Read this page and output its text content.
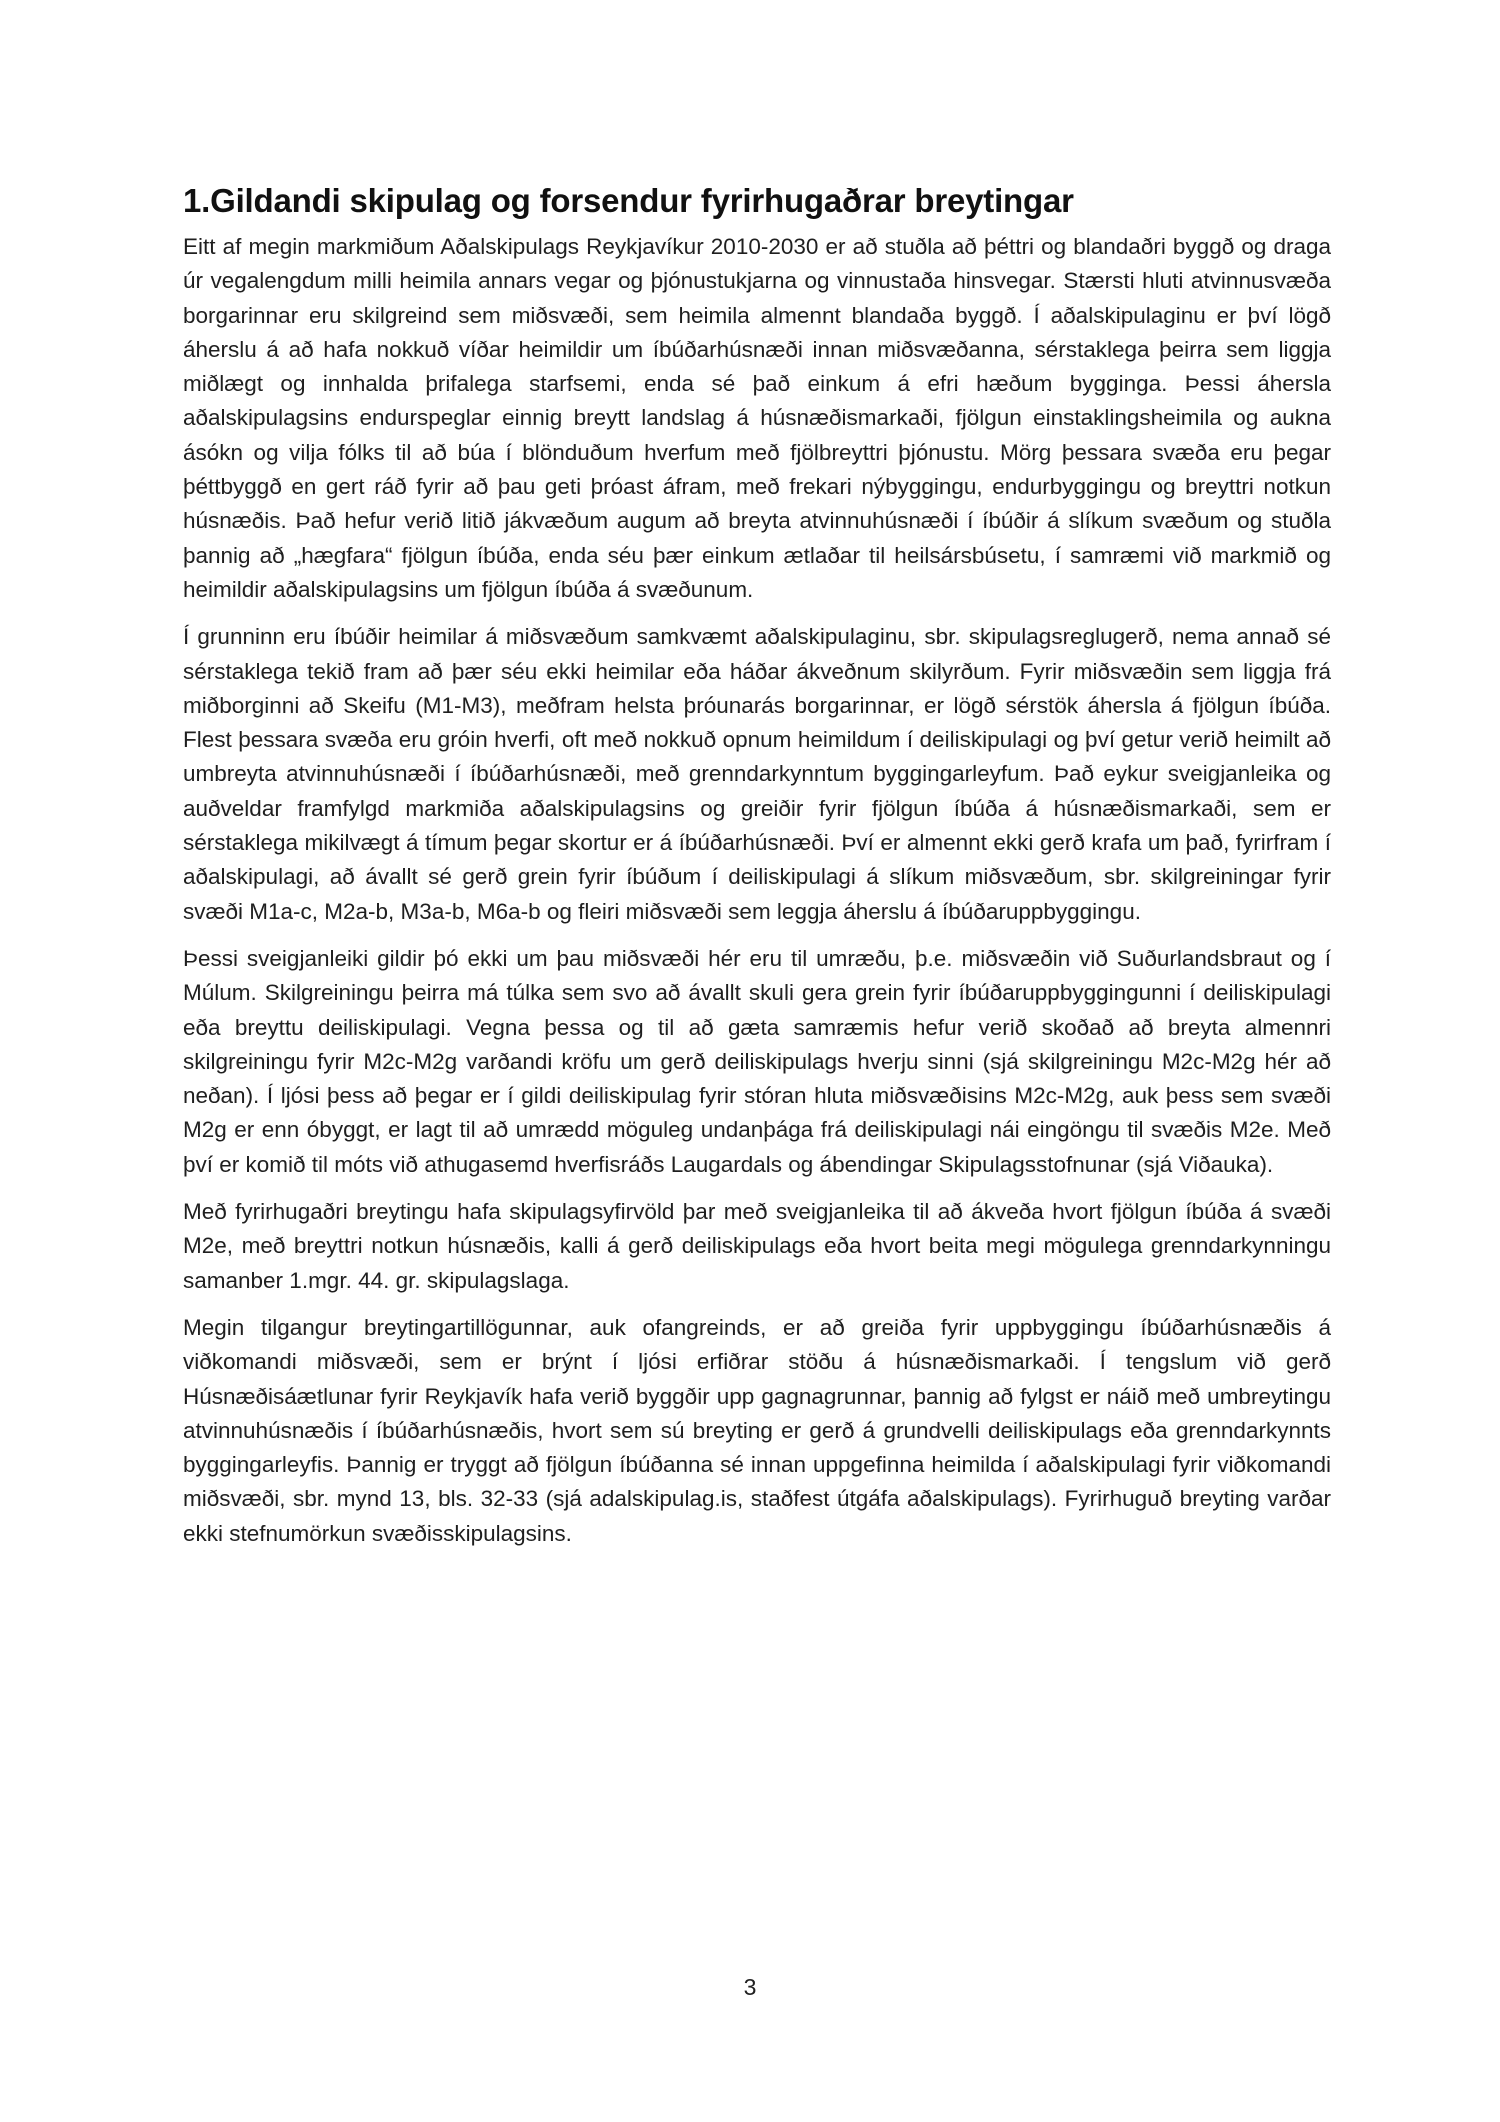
1.Gildandi skipulag og forsendur fyrirhugaðrar breytingar

Eitt af megin markmiðum Aðalskipulags Reykjavíkur 2010-2030 er að stuðla að þéttri og blandaðri byggð og draga úr vegalengdum milli heimila annars vegar og þjónustukjarna og vinnustaða hinsvegar. Stærsti hluti atvinnusvæða borgarinnar eru skilgreind sem miðsvæði, sem heimila almennt blandaða byggð. Í aðalskipulaginu er því lögð áherslu á að hafa nokkuð víðar heimildir um íbúðarhúsnæði innan miðsvæðanna, sérstaklega þeirra sem liggja miðlægt og innhalda þrifalega starfsemi, enda sé það einkum á efri hæðum bygginga. Þessi áhersla aðalskipulagsins endurspeglar einnig breytt landslag á húsnæðismarkaði, fjölgun einstaklingsheimila og aukna ásókn og vilja fólks til að búa í blönduðum hverfum með fjölbreyttri þjónustu. Mörg þessara svæða eru þegar þéttbyggð en gert ráð fyrir að þau geti þróast áfram, með frekari nýbyggingu, endurbyggingu og breyttri notkun húsnæðis. Það hefur verið litið jákvæðum augum að breyta atvinnuhúsnæði í íbúðir á slíkum svæðum og stuðla þannig að „hægfara“ fjölgun íbúða, enda séu þær einkum ætlaðar til heilsársbúsetu, í samræmi við markmið og heimildir aðalskipulagsins um fjölgun íbúða á svæðunum.

Í grunninn eru íbúðir heimilar á miðsvæðum samkvæmt aðalskipulaginu, sbr. skipulagsreglugerð, nema annað sé sérstaklega tekið fram að þær séu ekki heimilar eða háðar ákveðnum skilyrðum. Fyrir miðsvæðin sem liggja frá miðborginni að Skeifu (M1-M3), meðfram helsta þróunarás borgarinnar, er lögð sérstök áhersla á fjölgun íbúða. Flest þessara svæða eru gróin hverfi, oft með nokkuð opnum heimildum í deiliskipulagi og því getur verið heimilt að umbreyta atvinnuhúsnæði í íbúðarhúsnæði, með grenndarkynntum byggingarleyfum. Það eykur sveigjanleika og auðveldar framfylgd markmiða aðalskipulagsins og greiðir fyrir fjölgun íbúða á húsnæðismarkaði, sem er sérstaklega mikilvægt á tímum þegar skortur er á íbúðarhúsnæði. Því er almennt ekki gerð krafa um það, fyrirfram í aðalskipulagi, að ávallt sé gerð grein fyrir íbúðum í deiliskipulagi á slíkum miðsvæðum, sbr. skilgreiningar fyrir svæði M1a-c, M2a-b, M3a-b, M6a-b og fleiri miðsvæði sem leggja áherslu á íbúðaruppbyggingu.

Þessi sveigjanleiki gildir þó ekki um þau miðsvæði hér eru til umræðu, þ.e. miðsvæðin við Suðurlandsbraut og í Múlum. Skilgreiningu þeirra má túlka sem svo að ávallt skuli gera grein fyrir íbúðaruppbyggingunni í deiliskipulagi eða breyttu deiliskipulagi. Vegna þessa og til að gæta samræmis hefur verið skoðað að breyta almennri skilgreiningu fyrir M2c-M2g varðandi kröfu um gerð deiliskipulags hverju sinni (sjá skilgreiningu M2c-M2g hér að neðan). Í ljósi þess að þegar er í gildi deiliskipulag fyrir stóran hluta miðsvæðisins M2c-M2g, auk þess sem svæði M2g er enn óbyggt, er lagt til að umrædd möguleg undanþága frá deiliskipulagi nái eingöngu til svæðis M2e. Með því er komið til móts við athugasemd hverfisráðs Laugardals og ábendingar Skipulagsstofnunar (sjá Viðauka).

Með fyrirhugaðri breytingu hafa skipulagsyfirvöld þar með sveigjanleika til að ákveða hvort fjölgun íbúða á svæði M2e, með breyttri notkun húsnæðis, kalli á gerð deiliskipulags eða hvort beita megi mögulega grenndarkynningu samanber 1.mgr. 44. gr. skipulagslaga.

Megin tilgangur breytingartillögunnar, auk ofangreinds, er að greiða fyrir uppbyggingu íbúðarhúsnæðis á viðkomandi miðsvæði, sem er brýnt í ljósi erfiðrar stöðu á húsnæðismarkaði. Í tengslum við gerð Húsnæðisáætlunar fyrir Reykjavík hafa verið byggðir upp gagnagrunnar, þannig að fylgst er náið með umbreytingu atvinnuhúsnæðis í íbúðarhúsnæðis, hvort sem sú breyting er gerð á grundvelli deiliskipulags eða grenndarkynnts byggingarleyfis. Þannig er tryggt að fjölgun íbúðanna sé innan uppgefinna heimilda í aðalskipulagi fyrir viðkomandi miðsvæði, sbr. mynd 13, bls. 32-33 (sjá adalskipulag.is, staðfest útgáfa aðalskipulags). Fyrirhuguð breyting varðar ekki stefnumörkun svæðisskipulagsins.

3
